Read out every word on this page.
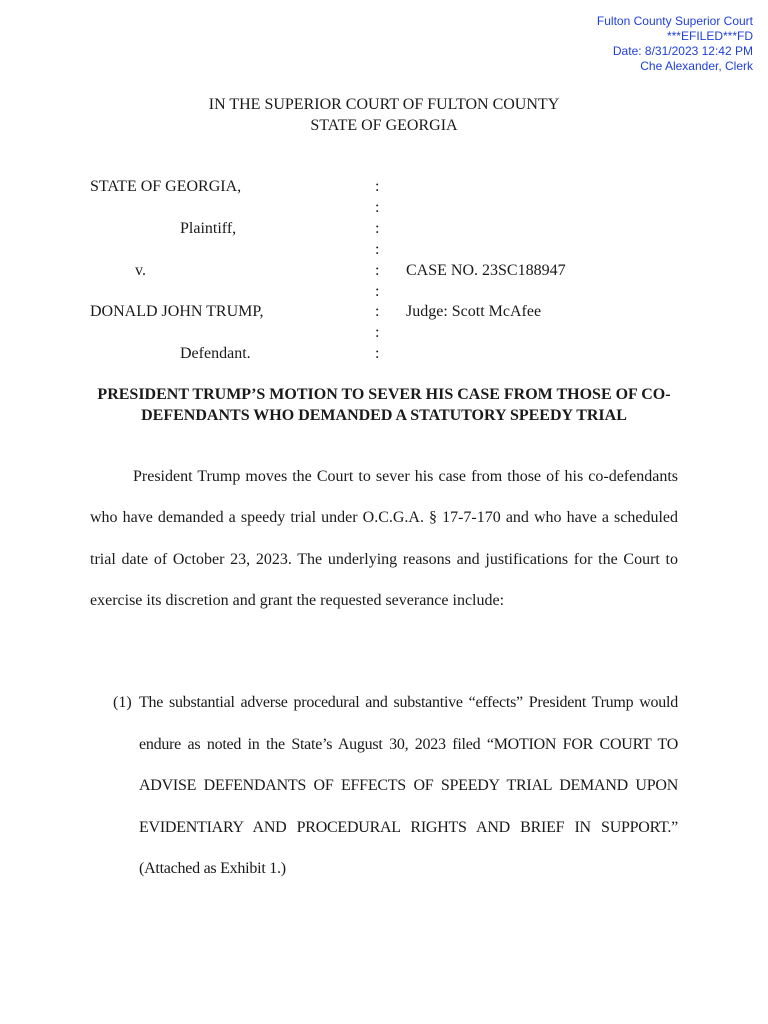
Fulton County Superior Court
***EFILED***FD
Date: 8/31/2023 12:42 PM
Che Alexander, Clerk
IN THE SUPERIOR COURT OF FULTON COUNTY
STATE OF GEORGIA
STATE OF GEORGIA,
Plaintiff,
v.
DONALD JOHN TRUMP,
Defendant.
:
:
:
:
:
:
:
:
:
CASE NO. 23SC188947
Judge: Scott McAfee
PRESIDENT TRUMP’S MOTION TO SEVER HIS CASE FROM THOSE OF CO-DEFENDANTS WHO DEMANDED A STATUTORY SPEEDY TRIAL
President Trump moves the Court to sever his case from those of his co-defendants who have demanded a speedy trial under O.C.G.A. § 17-7-170 and who have a scheduled trial date of October 23, 2023. The underlying reasons and justifications for the Court to exercise its discretion and grant the requested severance include:
(1) The substantial adverse procedural and substantive “effects” President Trump would endure as noted in the State’s August 30, 2023 filed “MOTION FOR COURT TO ADVISE DEFENDANTS OF EFFECTS OF SPEEDY TRIAL DEMAND UPON EVIDENTIARY AND PROCEDURAL RIGHTS AND BRIEF IN SUPPORT.” (Attached as Exhibit 1.)
